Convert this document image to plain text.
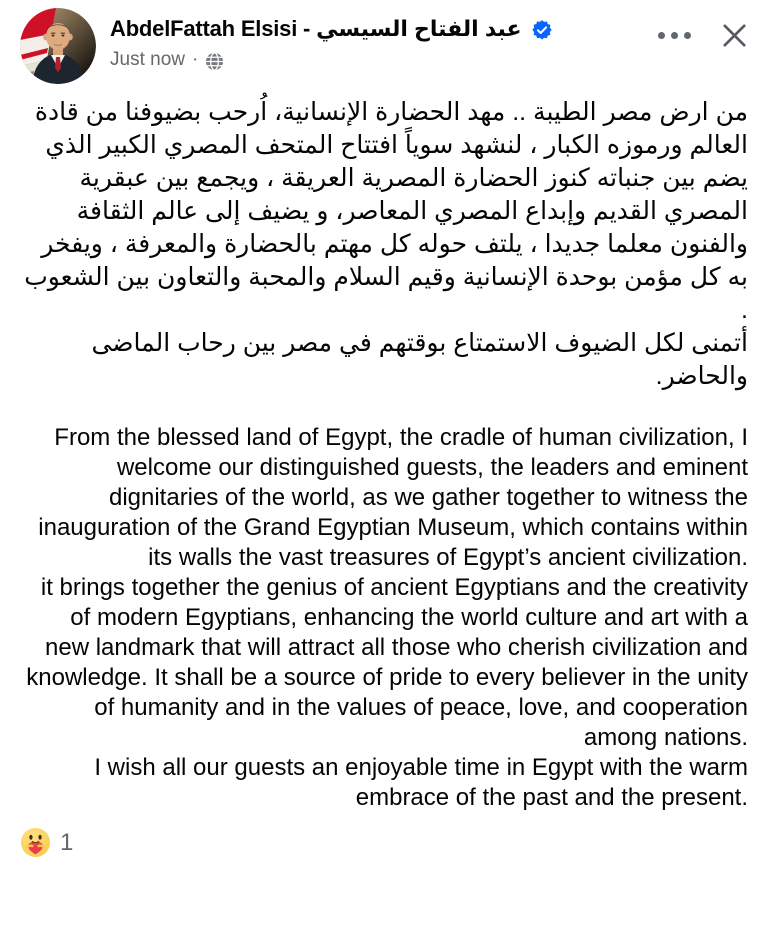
AbdelFattah Elsisi - عبد الفتاح السيسي
Just now ·

من ارض مصر الطيبة .. مهد الحضارة الإنسانية، اُرحب بضيوفنا من قادة العالم ورموزه الكبار ، لنشهد سوياً افتتاح المتحف المصري الكبير الذي يضم بين جنباته كنوز الحضارة المصرية العريقة ، ويجمع بين عبقرية المصري القديم وإبداع المصري المعاصر، و يضيف إلى عالم الثقافة والفنون معلما جديدا ، يلتف حوله كل مهتم بالحضارة والمعرفة ، ويفخر به كل مؤمن بوحدة الإنسانية وقيم السلام والمحبة والتعاون بين الشعوب .

أتمنى لكل الضيوف الاستمتاع بوقتهم في مصر بين رحاب الماضى والحاضر.

From the blessed land of Egypt, the cradle of human civilization, I welcome our distinguished guests, the leaders and eminent dignitaries of the world, as we gather together to witness the inauguration of the Grand Egyptian Museum, which contains within its walls the vast treasures of Egypt’s ancient civilization.

it brings together the genius of ancient Egyptians and the creativity of modern Egyptians, enhancing the world culture and art with a new landmark that will attract all those who cherish civilization and knowledge. It shall be a source of pride to every believer in the unity of humanity and in the values of peace, love, and cooperation among nations.

I wish all our guests an enjoyable time in Egypt with the warm embrace of the past and the present.

1
